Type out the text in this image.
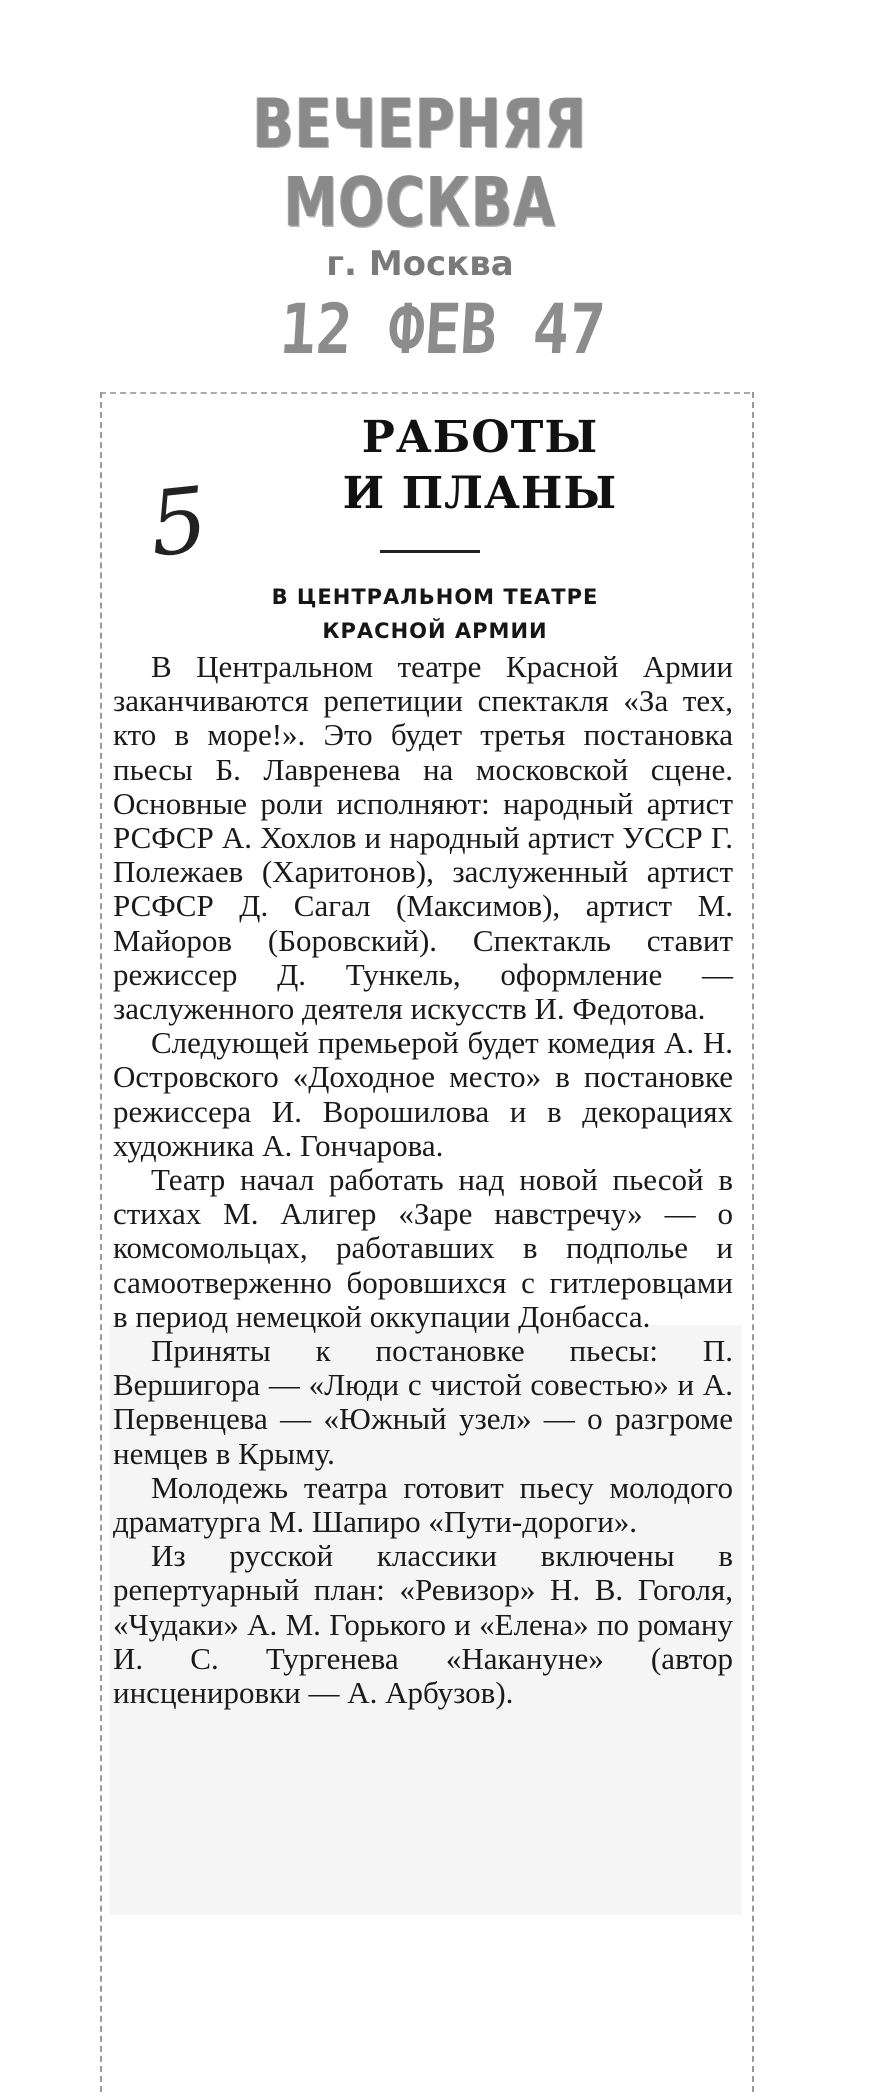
ВЕЧЕРНЯЯ МОСКВА
г. Москва
12 ФЕВ 47
5
РАБОТЫ
И ПЛАНЫ
В ЦЕНТРАЛЬНОМ ТЕАТРЕ
КРАСНОЙ АРМИИ

В Центральном театре Красной Армии заканчиваются репетиции спектакля «За тех, кто в море!». Это будет третья постановка пьесы Б. Лавренева на московской сцене. Основные роли исполняют: народный артист РСФСР А. Хохлов и народный артист УССР Г. Полежаев (Харитонов), заслуженный артист РСФСР Д. Сагал (Максимов), артист М. Майоров (Боровский). Спектакль ставит режиссер Д. Тункель, оформление — заслуженного деятеля искусств И. Федотова.

Следующей премьерой будет комедия А. Н. Островского «Доходное место» в постановке режиссера И. Ворошилова и в декорациях художника А. Гончарова.

Театр начал работать над новой пьесой в стихах М. Алигер «Заре навстречу» — о комсомольцах, работавших в подполье и самоотверженно боровшихся с гитлеровцами в период немецкой оккупации Донбасса.

Приняты к постановке пьесы: П. Вершигора — «Люди с чистой совестью» и А. Первенцева — «Южный узел» — о разгроме немцев в Крыму.

Молодежь театра готовит пьесу молодого драматурга М. Шапиро «Пути-дороги».

Из русской классики включены в репертуарный план: «Ревизор» Н. В. Гоголя, «Чудаки» А. М. Горького и «Елена» по роману И. С. Тургенева «Накануне» (автор инсценировки — А. Арбузов).
